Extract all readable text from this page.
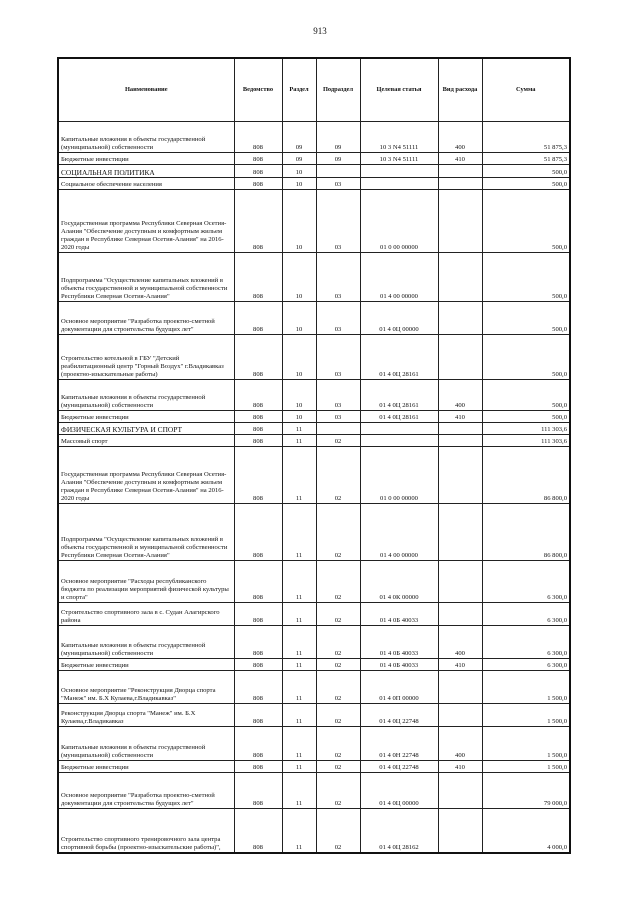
913
Наименование	Ведомство	Раздел	Подраздел	Целевая статья	Вид расхода	Сумма
Капитальные вложения в объекты государственной (муниципальной) собственности	808	09	09	10 3 N4 51111	400	51 875,3
Бюджетные инвестиции	808	09	09	10 3 N4 51111	410	51 875,3
СОЦИАЛЬНАЯ ПОЛИТИКА	808	10				500,0
Социальное обеспечение населения	808	10	03			500,0
Государственная программа Республики Северная Осетия-Алания "Обеспечение доступным и комфортным жильем граждан в Республике Северная Осетия-Алания" на 2016-2020 годы	808	10	03	01 0 00 00000		500,0
Подпрограмма "Осуществление капитальных вложений в объекты государственной и муниципальной собственности Республики Северная Осетия-Алания"	808	10	03	01 4 00 00000		500,0
Основное мероприятие "Разработка проектно-сметной документации для строительства будущих лет"	808	10	03	01 4 0Ц 00000		500,0
Строительство котельной в ГБУ "Детский реабилитационный центр "Горный Воздух" г.Владикавказ (проектно-изыскательные работы)	808	10	03	01 4 0Ц 28161		500,0
Капитальные вложения в объекты государственной (муниципальной) собственности	808	10	03	01 4 0Ц 28161	400	500,0
Бюджетные инвестиции	808	10	03	01 4 0Ц 28161	410	500,0
ФИЗИЧЕСКАЯ КУЛЬТУРА И СПОРТ	808	11				111 303,6
Массовый спорт	808	11	02			111 303,6
Государственная программа Республики Северная Осетия-Алания "Обеспечение доступным и комфортным жильем граждан в Республике Северная Осетия-Алания" на 2016-2020 годы	808	11	02	01 0 00 00000		86 800,0
Подпрограмма "Осуществление капитальных вложений в объекты государственной и муниципальной собственности Республики Северная Осетия-Алания"	808	11	02	01 4 00 00000		86 800,0
Основное мероприятие "Расходы республиканского бюджета по реализации мероприятий физической культуры и спорта"	808	11	02	01 4 0К 00000		6 300,0
Строительство спортивного зала в с. Судан Алагирского района	808	11	02	01 4 0Б 40033		6 300,0
Капитальные вложения в объекты государственной (муниципальной) собственности	808	11	02	01 4 0Б 40033	400	6 300,0
Бюджетные инвестиции	808	11	02	01 4 0Б 40033	410	6 300,0
Основное мероприятие "Реконструкция Дворца спорта "Манеж" им. Б.Х Кулаева,г.Владикавказ"	808	11	02	01 4 0П 00000		1 500,0
Реконструкция Дворца спорта "Манеж" им. Б.Х Кулаева,г.Владикавказ	808	11	02	01 4 0Ц 22748		1 500,0
Капитальные вложения в объекты государственной (муниципальной) собственности	808	11	02	01 4 0Н 22748	400	1 500,0
Бюджетные инвестиции	808	11	02	01 4 0Ц 22748	410	1 500,0
Основное мероприятие "Разработка проектно-сметной документации для строительства будущих лет"	808	11	02	01 4 0Ц 00000		79 000,0
Строительство спортивного тренировочного зала центра спортивной борьбы (проектно-изыскательские работы)",	808	11	02	01 4 0Ц 28162		4 000,0
